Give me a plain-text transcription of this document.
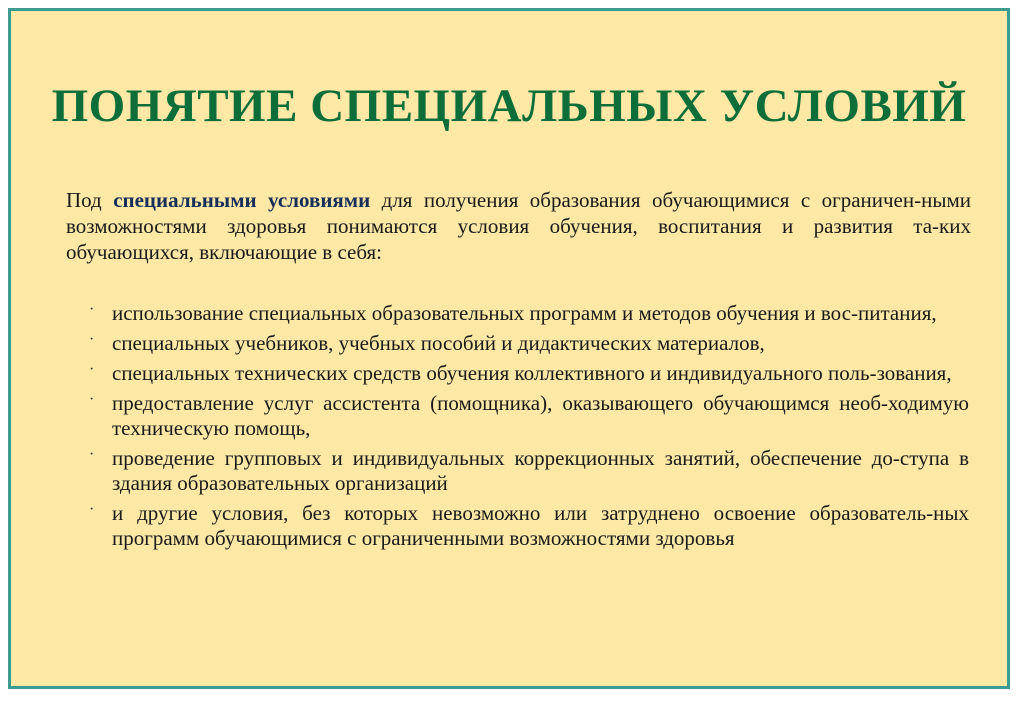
ПОНЯТИЕ СПЕЦИАЛЬНЫХ УСЛОВИЙ

Под специальными условиями для получения образования обучающимися с ограничен-ными возможностями здоровья понимаются условия обучения, воспитания и развития та-ких обучающихся, включающие в себя:

· использование специальных образовательных программ и методов обучения и вос-питания,
· специальных учебников, учебных пособий и дидактических материалов,
· специальных технических средств обучения коллективного и индивидуального поль-зования,
· предоставление услуг ассистента (помощника), оказывающего обучающимся необ-ходимую техническую помощь,
· проведение групповых и индивидуальных коррекционных занятий, обеспечение до-ступа в здания образовательных организаций
· и другие условия, без которых невозможно или затруднено освоение образователь-ных программ обучающимися с ограниченными возможностями здоровья
